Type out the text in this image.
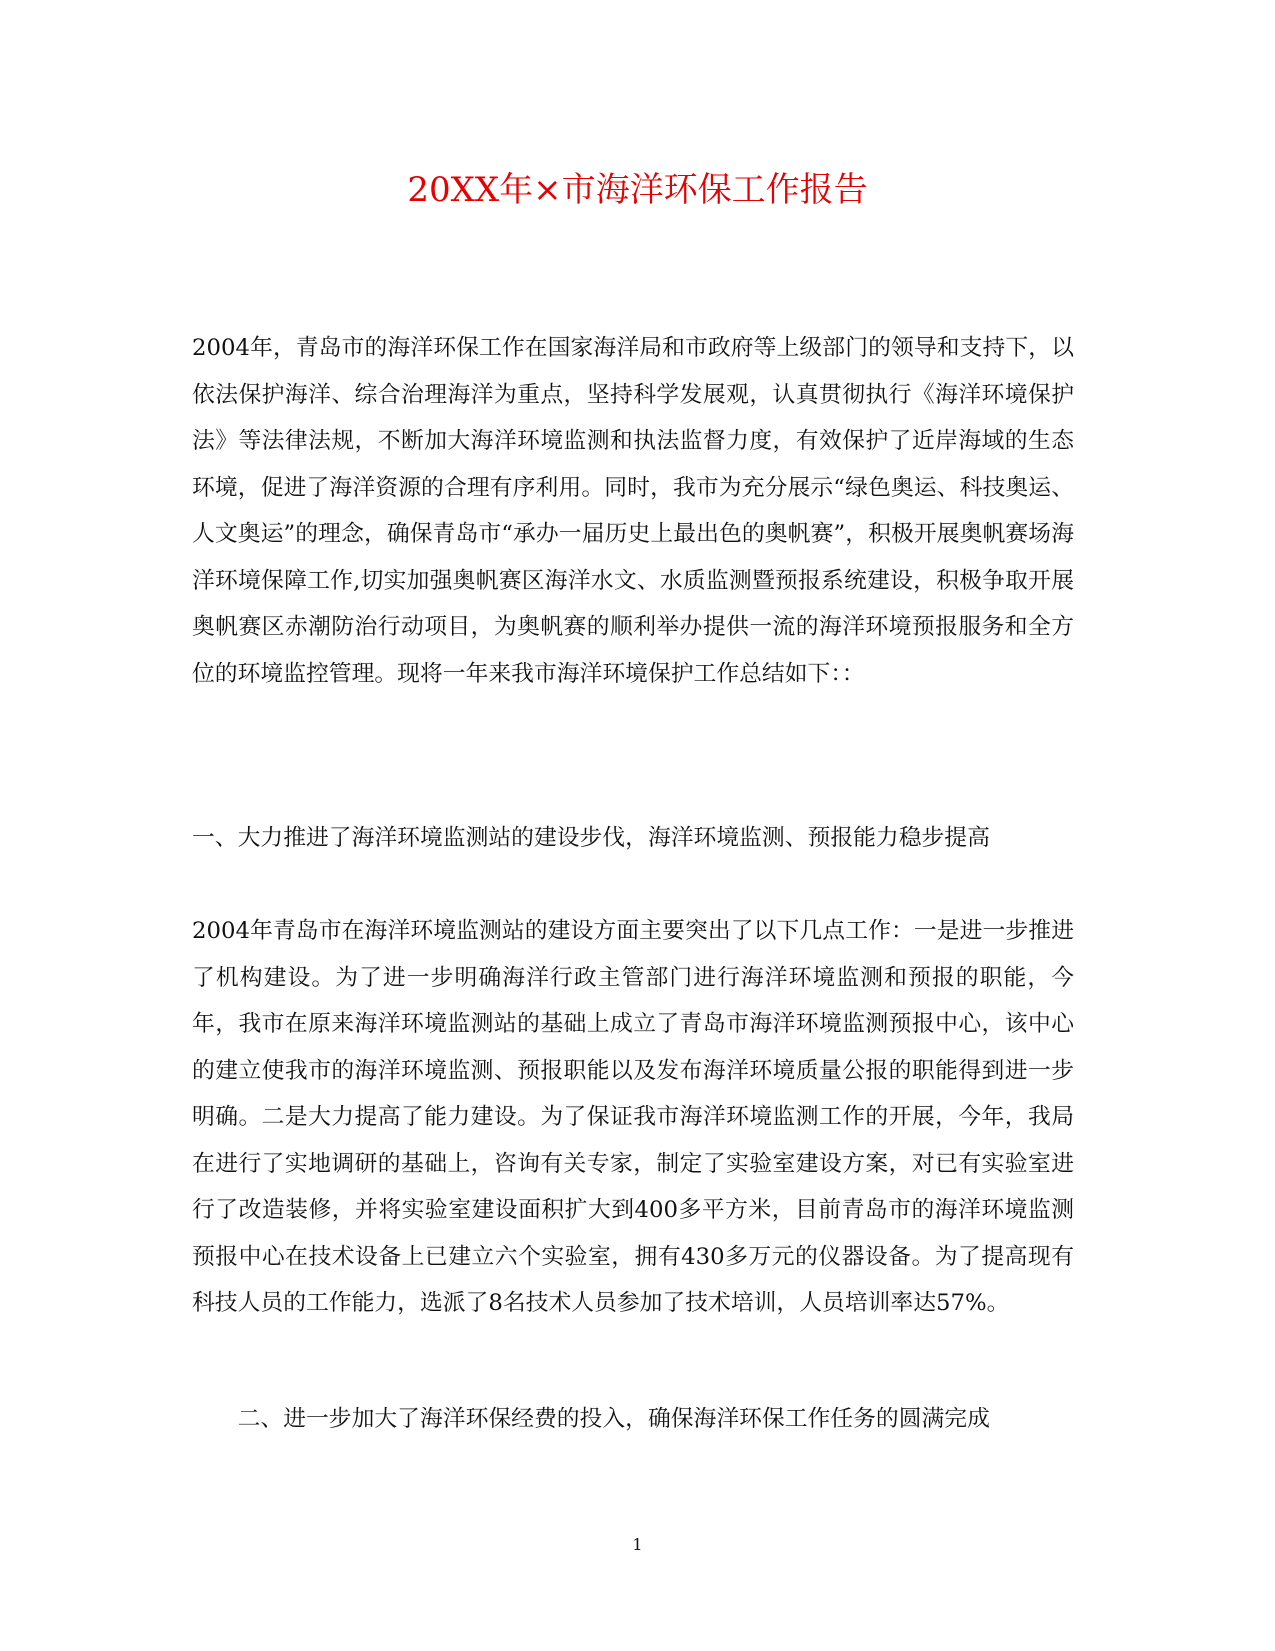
20XX年×市海洋环保工作报告

2004年，青岛市的海洋环保工作在国家海洋局和市政府等上级部门的领导和支持下，以依法保护海洋、综合治理海洋为重点，坚持科学发展观，认真贯彻执行《海洋环境保护法》等法律法规，不断加大海洋环境监测和执法监督力度，有效保护了近岸海域的生态环境，促进了海洋资源的合理有序利用。同时，我市为充分展示“绿色奥运、科技奥运、人文奥运”的理念，确保青岛市“承办一届历史上最出色的奥帆赛”，积极开展奥帆赛场海洋环境保障工作,切实加强奥帆赛区海洋水文、水质监测暨预报系统建设，积极争取开展奥帆赛区赤潮防治行动项目，为奥帆赛的顺利举办提供一流的海洋环境预报服务和全方位的环境监控管理。现将一年来我市海洋环境保护工作总结如下：：

一、大力推进了海洋环境监测站的建设步伐，海洋环境监测、预报能力稳步提高

2004年青岛市在海洋环境监测站的建设方面主要突出了以下几点工作：一是进一步推进了机构建设。为了进一步明确海洋行政主管部门进行海洋环境监测和预报的职能，今年，我市在原来海洋环境监测站的基础上成立了青岛市海洋环境监测预报中心，该中心的建立使我市的海洋环境监测、预报职能以及发布海洋环境质量公报的职能得到进一步明确。二是大力提高了能力建设。为了保证我市海洋环境监测工作的开展，今年，我局在进行了实地调研的基础上，咨询有关专家，制定了实验室建设方案，对已有实验室进行了改造装修，并将实验室建设面积扩大到400多平方米，目前青岛市的海洋环境监测预报中心在技术设备上已建立六个实验室，拥有430多万元的仪器设备。为了提高现有科技人员的工作能力，选派了8名技术人员参加了技术培训，人员培训率达57%。

二、进一步加大了海洋环保经费的投入，确保海洋环保工作任务的圆满完成

1
